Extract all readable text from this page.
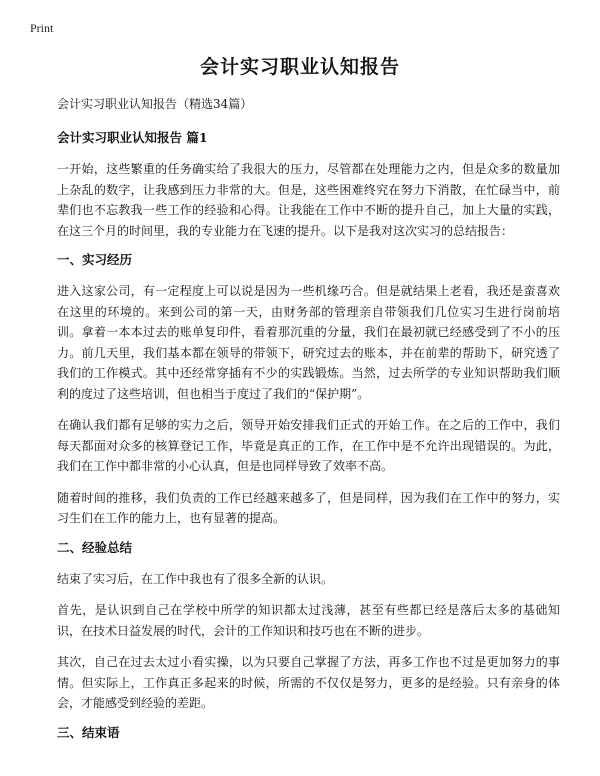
Print

会计实习职业认知报告

会计实习职业认知报告（精选34篇）

会计实习职业认知报告 篇1

一开始，这些繁重的任务确实给了我很大的压力，尽管都在处理能力之内，但是众多的数量加上杂乱的数字，让我感到压力非常的大。但是，这些困难终究在努力下消散，在忙碌当中，前辈们也不忘教我一些工作的经验和心得。让我能在工作中不断的提升自己，加上大量的实践，在这三个月的时间里，我的专业能力在飞速的提升。以下是我对这次实习的总结报告：

一、实习经历

进入这家公司，有一定程度上可以说是因为一些机缘巧合。但是就结果上老看，我还是蛮喜欢在这里的环境的。来到公司的第一天，由财务部的管理亲自带领我们几位实习生进行岗前培训。拿着一本本过去的账单复印件，看着那沉重的分量，我们在最初就已经感受到了不小的压力。前几天里，我们基本都在领导的带领下，研究过去的账本，并在前辈的帮助下，研究透了我们的工作模式。其中还经常穿插有不少的实践锻炼。当然，过去所学的专业知识帮助我们顺利的度过了这些培训，但也相当于度过了我们的“保护期”。

在确认我们都有足够的实力之后，领导开始安排我们正式的开始工作。在之后的工作中，我们每天都面对众多的核算登记工作，毕竟是真正的工作，在工作中是不允许出现错误的。为此，我们在工作中都非常的小心认真，但是也同样导致了效率不高。

随着时间的推移，我们负责的工作已经越来越多了，但是同样，因为我们在工作中的努力，实习生们在工作的能力上，也有显著的提高。

二、经验总结

结束了实习后，在工作中我也有了很多全新的认识。

首先，是认识到自己在学校中所学的知识都太过浅薄，甚至有些都已经是落后太多的基础知识，在技术日益发展的时代，会计的工作知识和技巧也在不断的进步。

其次，自己在过去太过小看实操，以为只要自己掌握了方法，再多工作也不过是更加努力的事情。但实际上，工作真正多起来的时候，所需的不仅仅是努力，更多的是经验。只有亲身的体会，才能感受到经验的差距。

三、结束语
